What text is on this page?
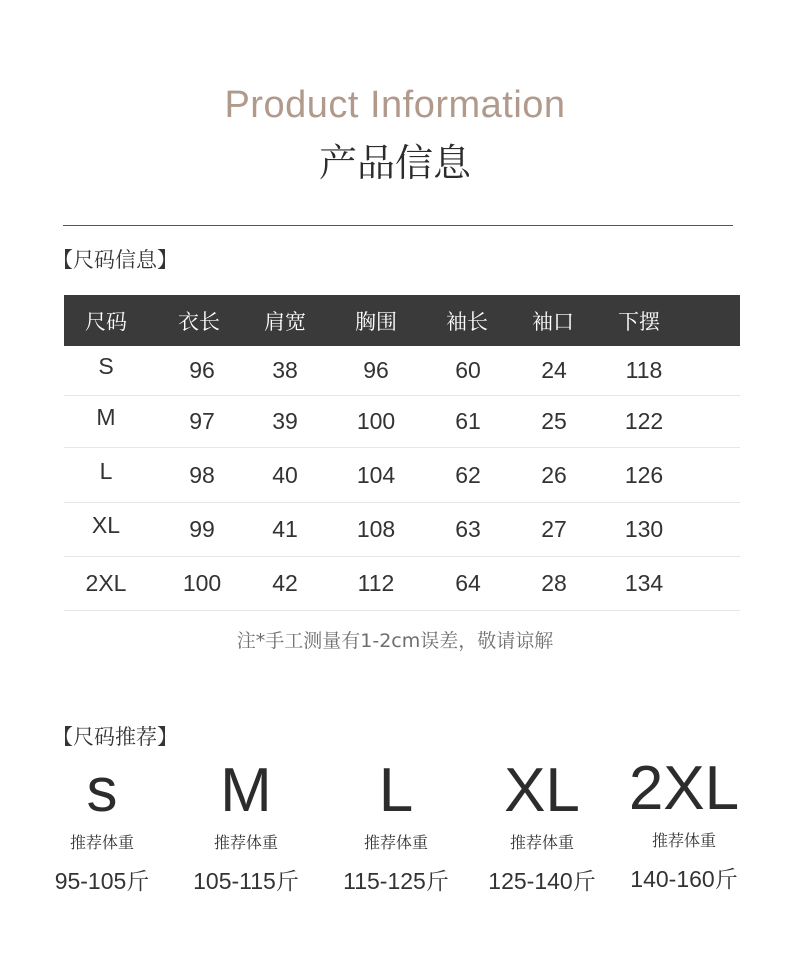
Product Information
产品信息
【尺码信息】
尺码	衣长	肩宽	胸围	袖长	袖口	下摆
S	96	38	96	60	24	118
M	97	39	100	61	25	122
L	98	40	104	62	26	126
XL	99	41	108	63	27	130
2XL	100	42	112	64	28	134
注*手工测量有1-2cm误差，敬请谅解
【尺码推荐】
s
推荐体重
95-105斤
M
推荐体重
105-115斤
L
推荐体重
115-125斤
XL
推荐体重
125-140斤
2XL
推荐体重
140-160斤
